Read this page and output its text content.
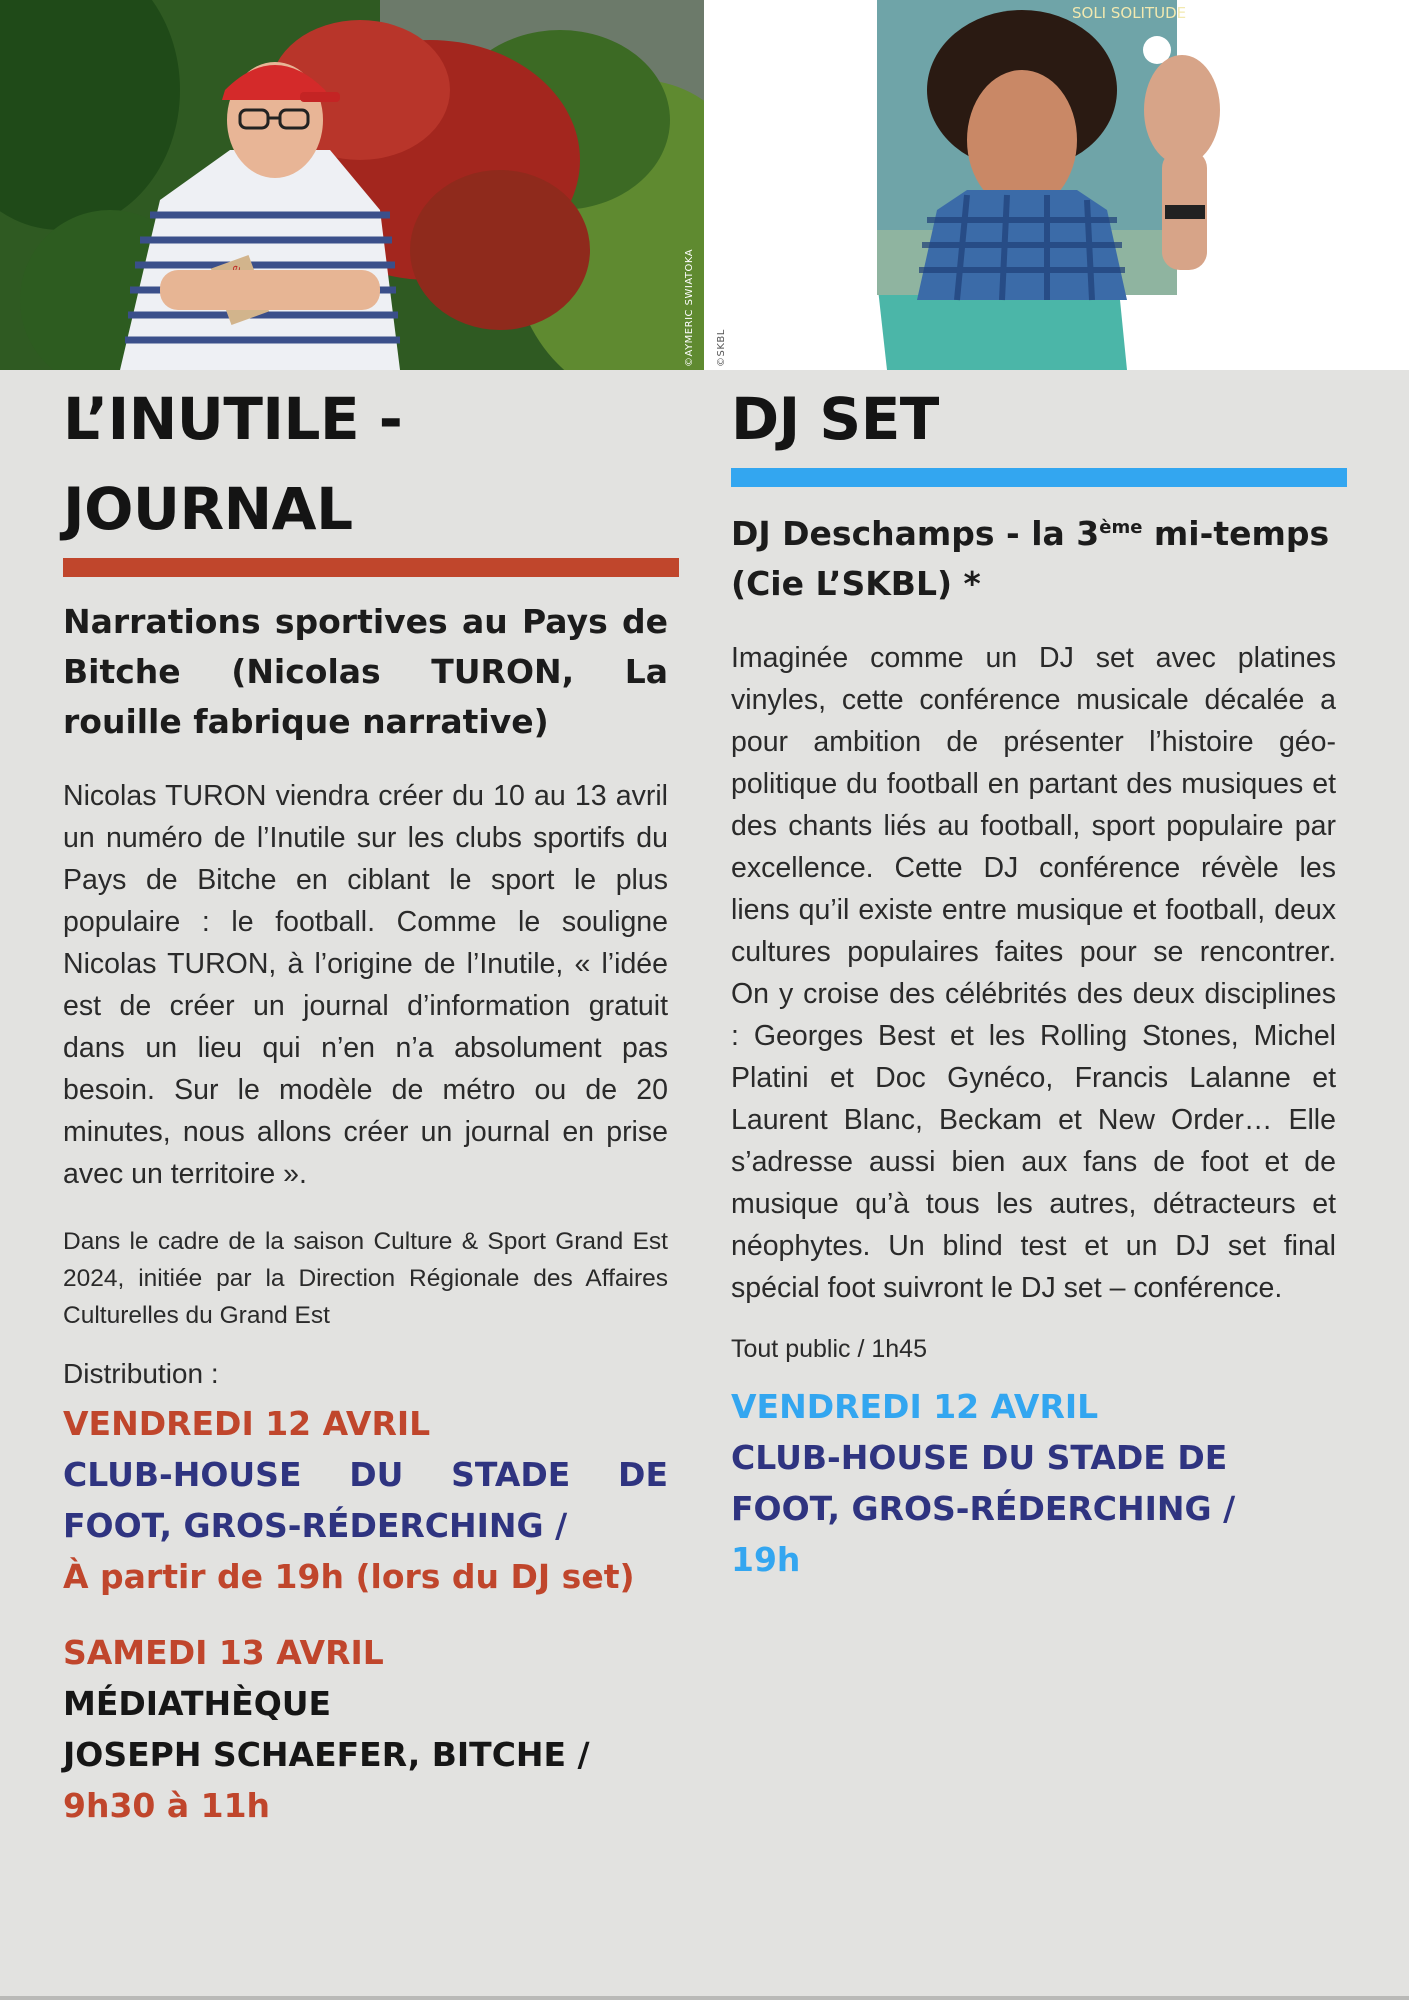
SOLI SOLITUDE
©AYMERIC SWIATOKA ©SKBL
L’INUTILE -
JOURNAL

Narrations sportives au Pays de Bitche (Nicolas TURON, La rouille fabrique narrative)

Nicolas TURON viendra créer du 10 au 13 avril un numéro de l’Inutile sur les clubs sportifs du Pays de Bitche en ciblant le sport le plus populaire : le football. Comme le souligne Nicolas TURON, à l’origine de l’Inutile, « l’idée est de créer un journal d’information gratuit dans un lieu qui n’en n’a absolument pas besoin. Sur le modèle de métro ou de 20 minutes, nous allons créer un journal en prise avec un territoire ».

Dans le cadre de la saison Culture & Sport Grand Est 2024, initiée par la Direction Régionale des Affaires Culturelles du Grand Est
Distribution :
VENDREDI 12 AVRIL
CLUB-HOUSE DU STADE DE
FOOT, GROS-RÉDERCHING /
À partir de 19h (lors du DJ set)
SAMEDI 13 AVRIL
MÉDIATHÈQUE
JOSEPH SCHAEFER, BITCHE /
9h30 à 11h
DJ SET

DJ Deschamps - la 3ème mi-temps
(Cie L’SKBL) *

Imaginée comme un DJ set avec platines vinyles, cette conférence musicale décalée a pour ambition de présenter l’histoire géo-politique du football en partant des musiques et des chants liés au football, sport populaire par excellence. Cette DJ conférence révèle les liens qu’il existe entre musique et football, deux cultures populaires faites pour se rencontrer. On y croise des célébrités des deux disciplines : Georges Best et les Rolling Stones, Michel Platini et Doc Gynéco, Francis Lalanne et Laurent Blanc, Beckam et New Order… Elle s’adresse aussi bien aux fans de foot et de musique qu’à tous les autres, détracteurs et néophytes. Un blind test et un DJ set final spécial foot suivront le DJ set – conférence.

Tout public / 1h45
VENDREDI 12 AVRIL
CLUB-HOUSE DU STADE DE
FOOT, GROS-RÉDERCHING /
19h
